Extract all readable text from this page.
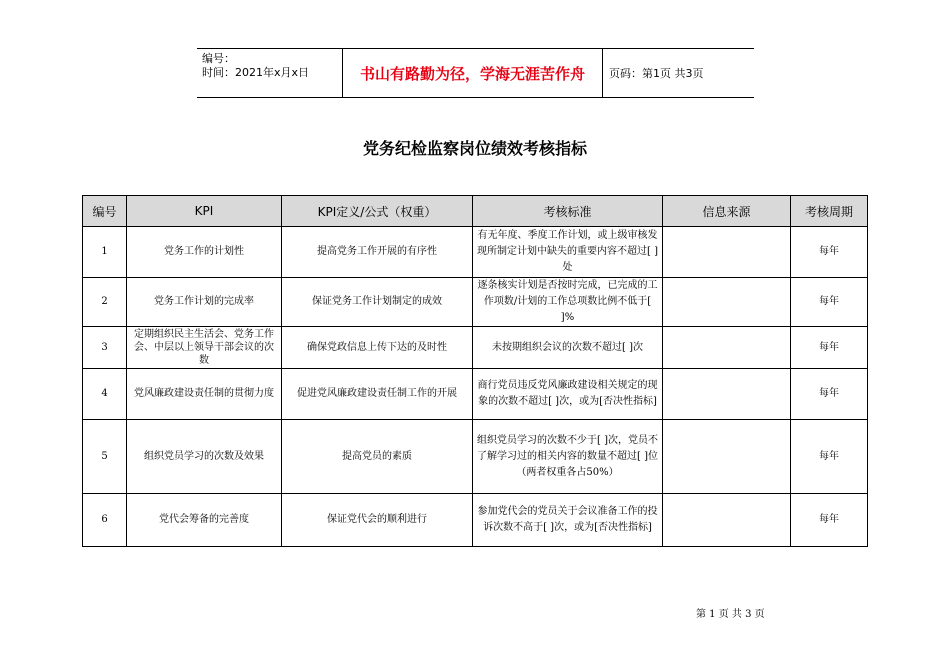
编号：
时间：2021年x月x日	书山有路勤为径，学海无涯苦作舟	页码：第1页 共3页
党务纪检监察岗位绩效考核指标
编号	KPI	KPI定义/公式（权重）	考核标准	信息来源	考核周期
1	党务工作的计划性	提高党务工作开展的有序性	有无年度、季度工作计划，或上级审核发现所制定计划中缺失的重要内容不超过[ ]处		每年
2	党务工作计划的完成率	保证党务工作计划制定的成效	逐条核实计划是否按时完成，已完成的工作项数/计划的工作总项数比例不低于[ ]%		每年
3	定期组织民主生活会、党务工作会、中层以上领导干部会议的次数	确保党政信息上传下达的及时性	未按期组织会议的次数不超过[ ]次		每年
4	党风廉政建设责任制的贯彻力度	促进党风廉政建设责任制工作的开展	商行党员违反党风廉政建设相关规定的现象的次数不超过[ ]次，或为[否决性指标]		每年
5	组织党员学习的次数及效果	提高党员的素质	组织党员学习的次数不少于[ ]次，党员不了解学习过的相关内容的数量不超过[ ]位（两者权重各占50%）		每年
6	党代会筹备的完善度	保证党代会的顺利进行	参加党代会的党员关于会议准备工作的投诉次数不高于[ ]次，或为[否决性指标]		每年
第 1 页 共 3 页
